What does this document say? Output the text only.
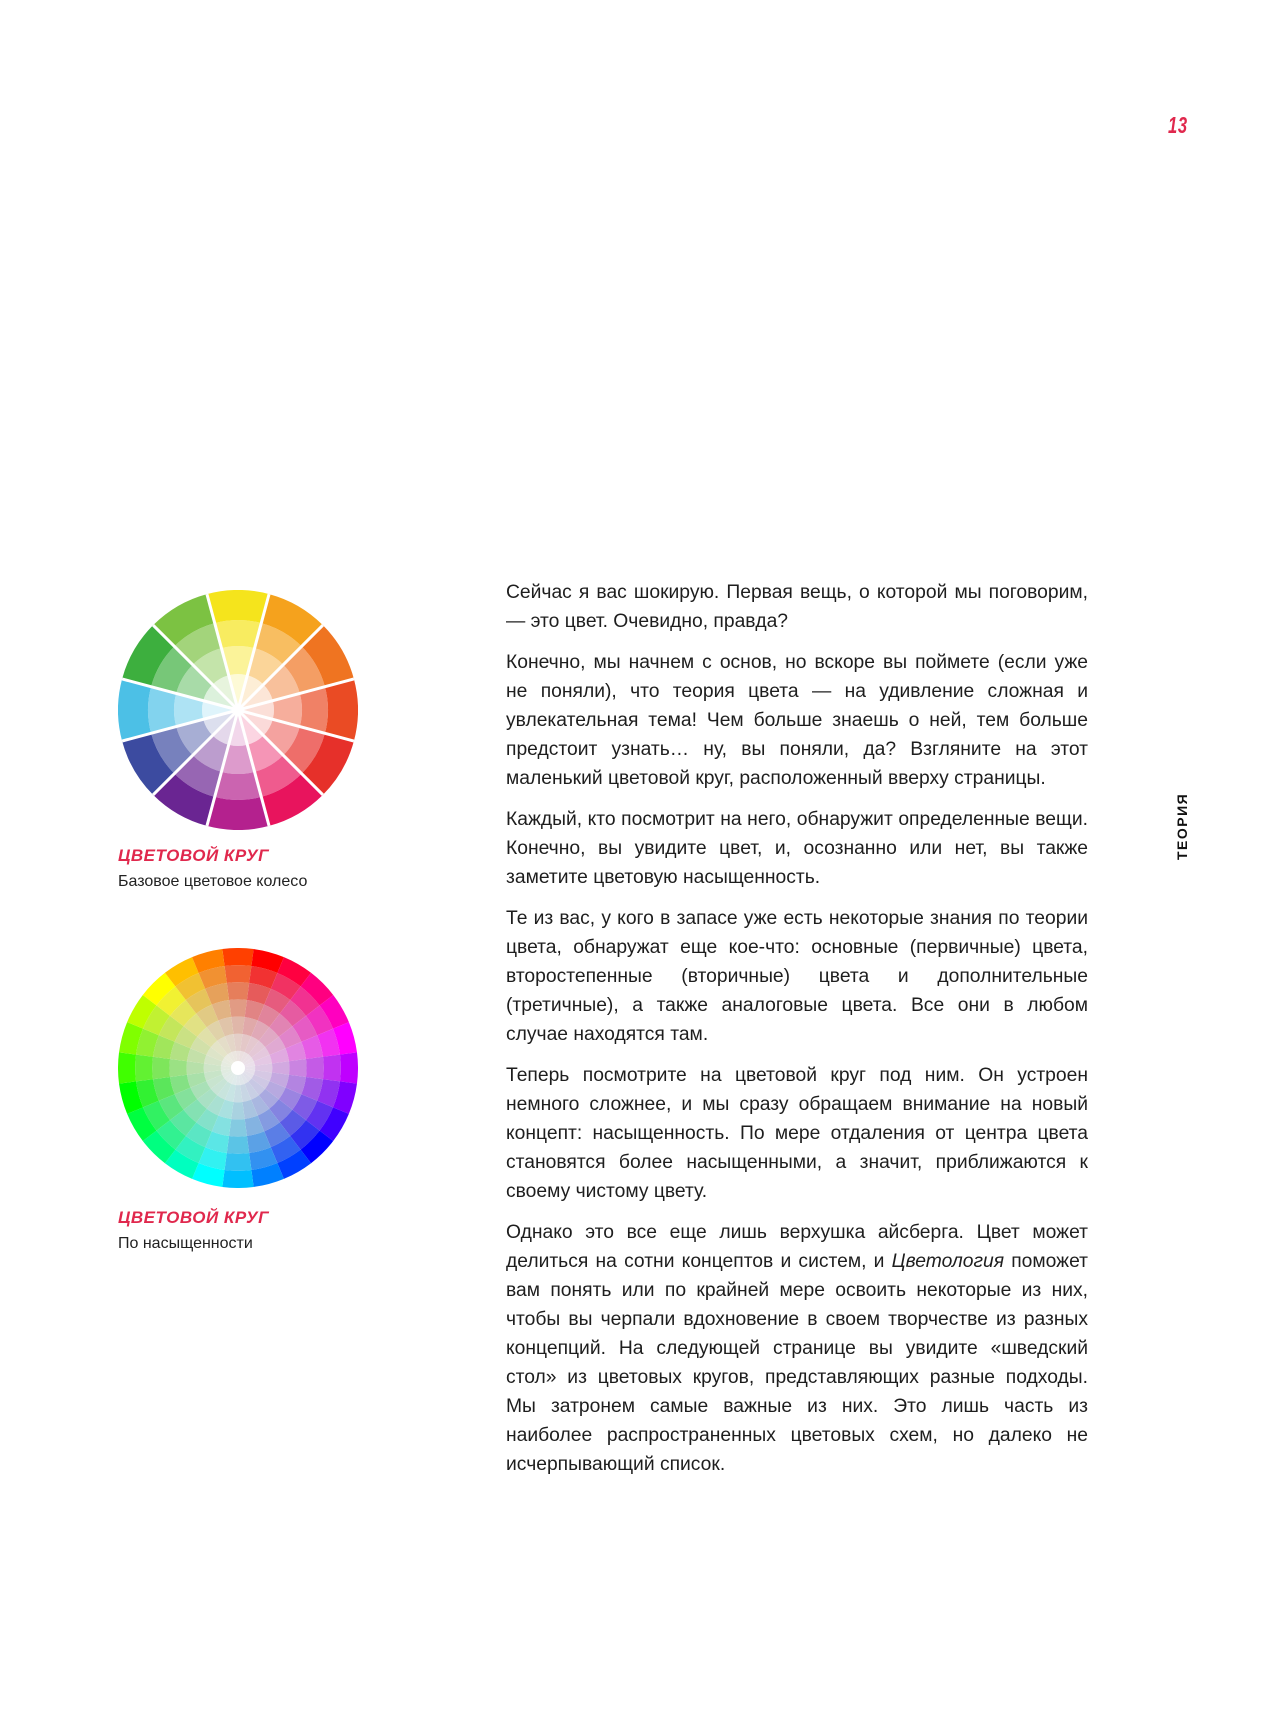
13
ТЕОРИЯ
ЦВЕТОВОЙ КРУГ
Базовое цветовое колесо
ЦВЕТОВОЙ КРУГ
По насыщенности

Сейчас я вас шокирую. Первая вещь, о которой мы поговорим, — это цвет. Очевидно, правда?

Конечно, мы начнем с основ, но вскоре вы поймете (если уже не поняли), что теория цвета — на удивление сложная и увлекательная тема! Чем больше знаешь о ней, тем больше предстоит узнать… ну, вы поняли, да? Взгляните на этот маленький цветовой круг, расположенный вверху страницы.

Каждый, кто посмотрит на него, обнаружит определенные вещи. Конечно, вы увидите цвет, и, осознанно или нет, вы также заметите цветовую насыщенность.

Те из вас, у кого в запасе уже есть некоторые знания по теории цвета, обнаружат еще кое-что: основные (первичные) цвета, второстепенные (вторичные) цвета и дополнительные (третичные), а также аналоговые цвета. Все они в любом случае находятся там.

Теперь посмотрите на цветовой круг под ним. Он устроен немного сложнее, и мы сразу обращаем внимание на новый концепт: насыщенность. По мере отдаления от центра цвета становятся более насыщенными, а значит, приближаются к своему чистому цвету.

Однако это все еще лишь верхушка айсберга. Цвет может делиться на сотни концептов и систем, и Цветология поможет вам понять или по крайней мере освоить некоторые из них, чтобы вы черпали вдохновение в своем творчестве из разных концепций. На следующей странице вы увидите «шведский стол» из цветовых кругов, представляющих разные подходы. Мы затронем самые важные из них. Это лишь часть из наиболее распространенных цветовых схем, но далеко не исчерпывающий список.
